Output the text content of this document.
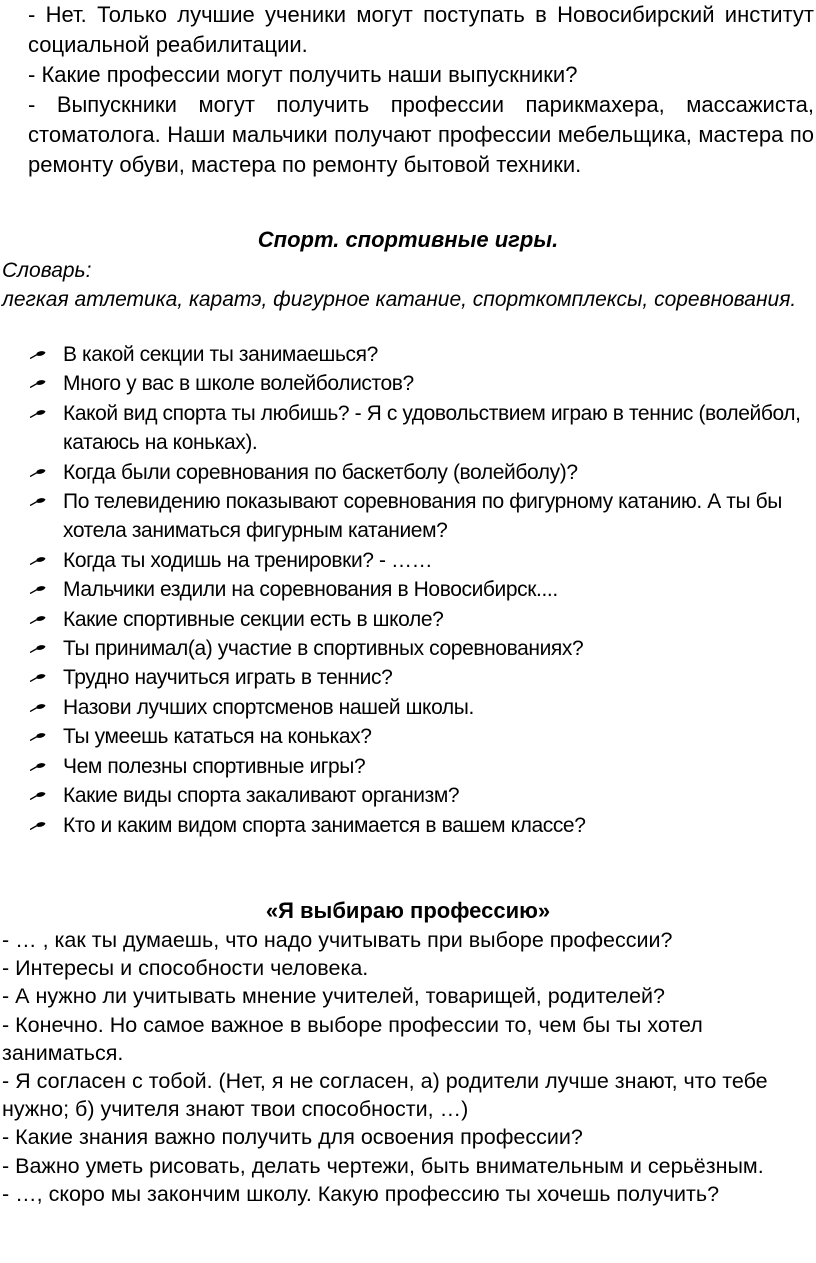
- Нет. Только лучшие ученики могут поступать в Новосибирский институт социальной реабилитации.

- Какие профессии могут получить наши выпускники?

- Выпускники могут получить профессии парикмахера, массажиста, стоматолога. Наши мальчики получают профессии мебельщика, мастера по ремонту обуви, мастера по ремонту бытовой техники.

Спорт. спортивные игры.

Словарь:

легкая атлетика, каратэ, фигурное катание, спорткомплексы, соревнования.

В какой секции ты занимаешься?
Много у вас в школе волейболистов?
Какой вид спорта ты любишь? - Я с удовольствием играю в теннис (волейбол, катаюсь на коньках).
Когда были соревнования по баскетболу (волейболу)?
По телевидению показывают соревнования по фигурному катанию. А ты бы хотела заниматься фигурным катанием?
Когда ты ходишь на тренировки? - ……
Мальчики ездили на соревнования в Новосибирск....
Какие спортивные секции есть в школе?
Ты принимал(а) участие в спортивных соревнованиях?
Трудно научиться играть в теннис?
Назови лучших спортсменов нашей школы.
Ты умеешь кататься на коньках?
Чем полезны спортивные игры?
Какие виды спорта закаливают организм?
Кто и каким видом спорта занимается в вашем классе?
«Я выбираю профессию»

- … , как ты думаешь, что надо учитывать при выборе профессии?

- Интересы и способности человека.

- А нужно ли учитывать мнение учителей, товарищей, родителей?

- Конечно. Но самое важное в выборе профессии то, чем бы ты хотел заниматься.

- Я согласен с тобой. (Нет, я не согласен, а) родители лучше знают, что тебе нужно; б) учителя знают твои способности, …)

- Какие знания важно получить для освоения профессии?

- Важно уметь рисовать, делать чертежи, быть внимательным и серьёзным.

- …, скоро мы закончим школу. Какую профессию ты хочешь получить?
